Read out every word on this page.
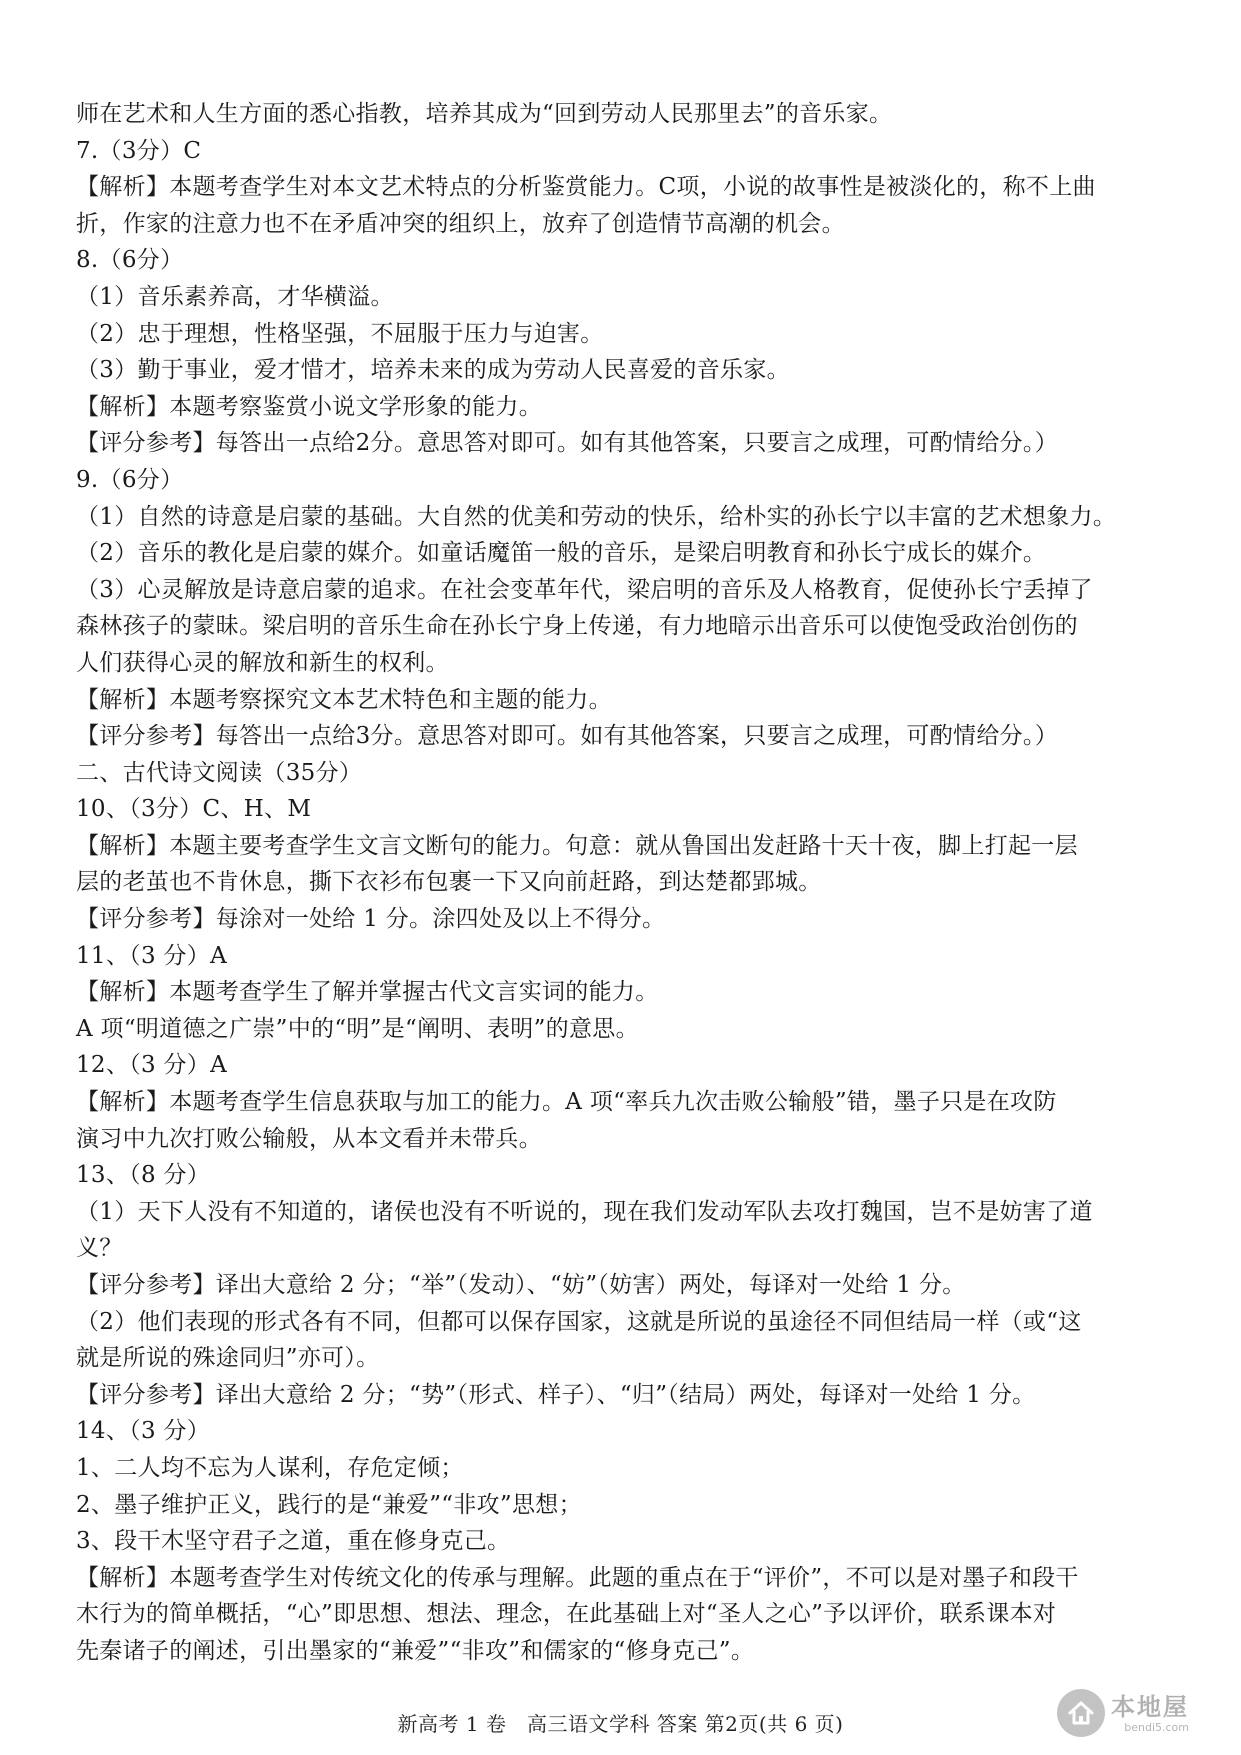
师在艺术和人生方面的悉心指教，培养其成为“回到劳动人民那里去”的音乐家。
7.（3分）C
【解析】本题考查学生对本文艺术特点的分析鉴赏能力。C项，小说的故事性是被淡化的，称不上曲
折，作家的注意力也不在矛盾冲突的组织上，放弃了创造情节高潮的机会。
8.（6分）
（1）音乐素养高，才华横溢。
（2）忠于理想，性格坚强，不屈服于压力与迫害。
（3）勤于事业，爱才惜才，培养未来的成为劳动人民喜爱的音乐家。
【解析】本题考察鉴赏小说文学形象的能力。
【评分参考】每答出一点给2分。意思答对即可。如有其他答案，只要言之成理，可酌情给分。）
9.（6分）
（1）自然的诗意是启蒙的基础。大自然的优美和劳动的快乐，给朴实的孙长宁以丰富的艺术想象力。
（2）音乐的教化是启蒙的媒介。如童话魔笛一般的音乐，是梁启明教育和孙长宁成长的媒介。
（3）心灵解放是诗意启蒙的追求。在社会变革年代，梁启明的音乐及人格教育，促使孙长宁丢掉了
森林孩子的蒙昧。梁启明的音乐生命在孙长宁身上传递，有力地暗示出音乐可以使饱受政治创伤的
人们获得心灵的解放和新生的权利。
【解析】本题考察探究文本艺术特色和主题的能力。
【评分参考】每答出一点给3分。意思答对即可。如有其他答案，只要言之成理，可酌情给分。）
二、古代诗文阅读（35分）
10、（3分）C、H、M
【解析】本题主要考查学生文言文断句的能力。句意：就从鲁国出发赶路十天十夜，脚上打起一层
层的老茧也不肯休息，撕下衣衫布包裹一下又向前赶路，到达楚都郢城。
【评分参考】每涂对一处给 1 分。涂四处及以上不得分。
11、（3 分）A
【解析】本题考查学生了解并掌握古代文言实词的能力。
A 项“明道德之广崇”中的“明”是“阐明、表明”的意思。
12、（3 分）A
【解析】本题考查学生信息获取与加工的能力。A 项“率兵九次击败公输般”错，墨子只是在攻防
演习中九次打败公输般，从本文看并未带兵。
13、（8 分）
（1）天下人没有不知道的，诸侯也没有不听说的，现在我们发动军队去攻打魏国，岂不是妨害了道
义？
【评分参考】译出大意给 2 分；“举”（发动）、“妨”（妨害）两处，每译对一处给 1 分。
（2）他们表现的形式各有不同，但都可以保存国家，这就是所说的虽途径不同但结局一样（或“这
就是所说的殊途同归”亦可）。
【评分参考】译出大意给 2 分；“势”（形式、样子）、“归”（结局）两处，每译对一处给 1 分。
14、（3 分）
1、二人均不忘为人谋利，存危定倾；
2、墨子维护正义，践行的是“兼爱”“非攻”思想；
3、段干木坚守君子之道，重在修身克己。
【解析】本题考查学生对传统文化的传承与理解。此题的重点在于“评价”，不可以是对墨子和段干
木行为的简单概括，“心”即思想、想法、理念，在此基础上对“圣人之心”予以评价，联系课本对
先秦诸子的阐述，引出墨家的“兼爱”“非攻”和儒家的“修身克己”。
新高考 1 卷　高三语文学科 答案 第2页(共 6 页)
本地屋
bendi5.com
